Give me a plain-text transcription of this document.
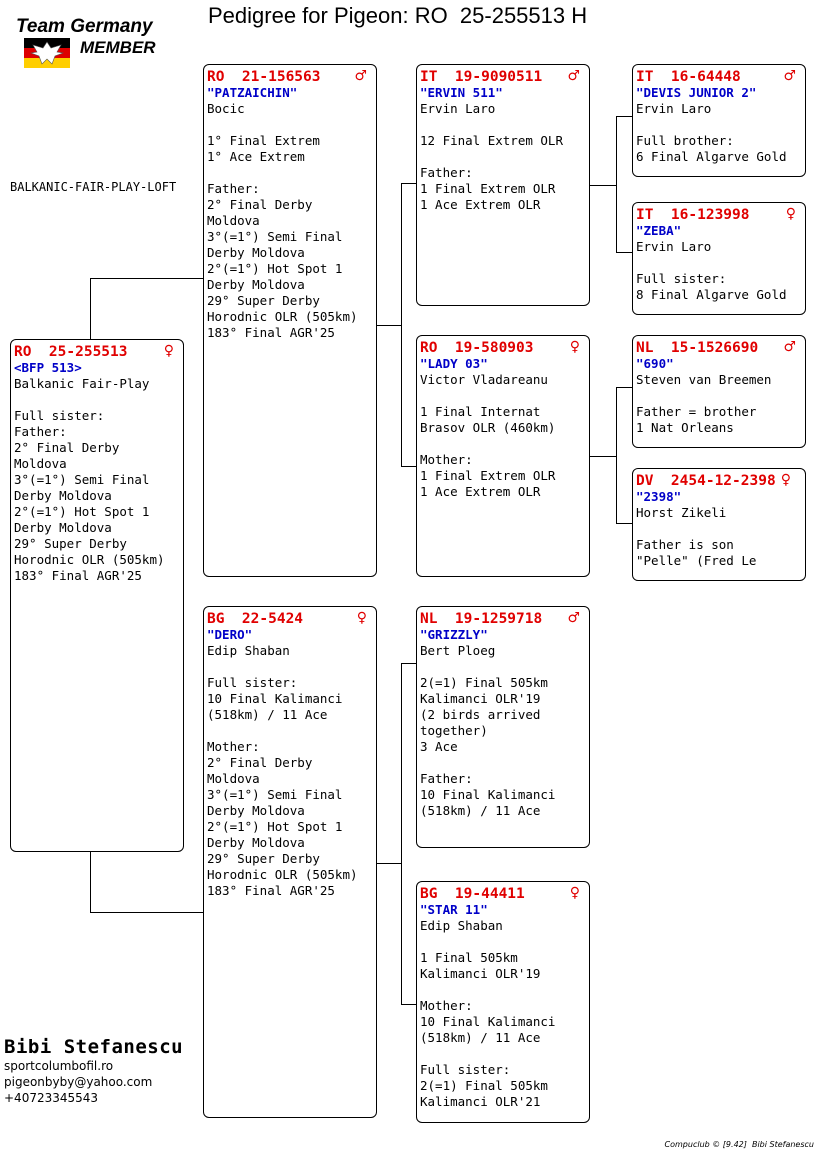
Pedigree for Pigeon: RO  25-255513 H
Team Germany
MEMBER
BALKANIC-FAIR-PLAY-LOFT
RO  25-255513	♀
<BFP 513>
Balkanic Fair-Play
Full sister:
Father:
2° Final Derby
Moldova
3°(=1°) Semi Final
Derby Moldova
2°(=1°) Hot Spot 1
Derby Moldova
29° Super Derby
Horodnic OLR (505km)
183° Final AGR'25
RO  21-156563	♂
"PATZAICHIN"
Bocic
1° Final Extrem
1° Ace Extrem
Father:
2° Final Derby
Moldova
3°(=1°) Semi Final
Derby Moldova
2°(=1°) Hot Spot 1
Derby Moldova
29° Super Derby
Horodnic OLR (505km)
183° Final AGR'25
BG  22-5424	♀
"DERO"
Edip Shaban
Full sister:
10 Final Kalimanci
(518km) / 11 Ace
Mother:
2° Final Derby
Moldova
3°(=1°) Semi Final
Derby Moldova
2°(=1°) Hot Spot 1
Derby Moldova
29° Super Derby
Horodnic OLR (505km)
183° Final AGR'25
IT  19-9090511	♂
"ERVIN 511"
Ervin Laro
12 Final Extrem OLR
Father:
1 Final Extrem OLR
1 Ace Extrem OLR
RO  19-580903	♀
"LADY 03"
Victor Vladareanu
1 Final Internat
Brasov OLR (460km)
Mother:
1 Final Extrem OLR
1 Ace Extrem OLR
NL  19-1259718	♂
"GRIZZLY"
Bert Ploeg
2(=1) Final 505km
Kalimanci OLR'19
(2 birds arrived
together)
3 Ace
Father:
10 Final Kalimanci
(518km) / 11 Ace
BG  19-44411	♀
"STAR 11"
Edip Shaban
1 Final 505km
Kalimanci OLR'19
Mother:
10 Final Kalimanci
(518km) / 11 Ace
Full sister:
2(=1) Final 505km
Kalimanci OLR'21
IT  16-64448	♂
"DEVIS JUNIOR 2"
Ervin Laro
Full brother:
6 Final Algarve Gold
IT  16-123998	♀
"ZEBA"
Ervin Laro
Full sister:
8 Final Algarve Gold
NL  15-1526690	♂
"690"
Steven van Breemen
Father = brother
1 Nat Orleans
DV  2454-12-2398 ♀
"2398"
Horst Zikeli
Father is son
"Pelle" (Fred Le
Bibi Stefanescu
sportcolumbofil.ro
pigeonbyby@yahoo.com
+40723345543
Compuclub © [9.42]  Bibi Stefanescu
